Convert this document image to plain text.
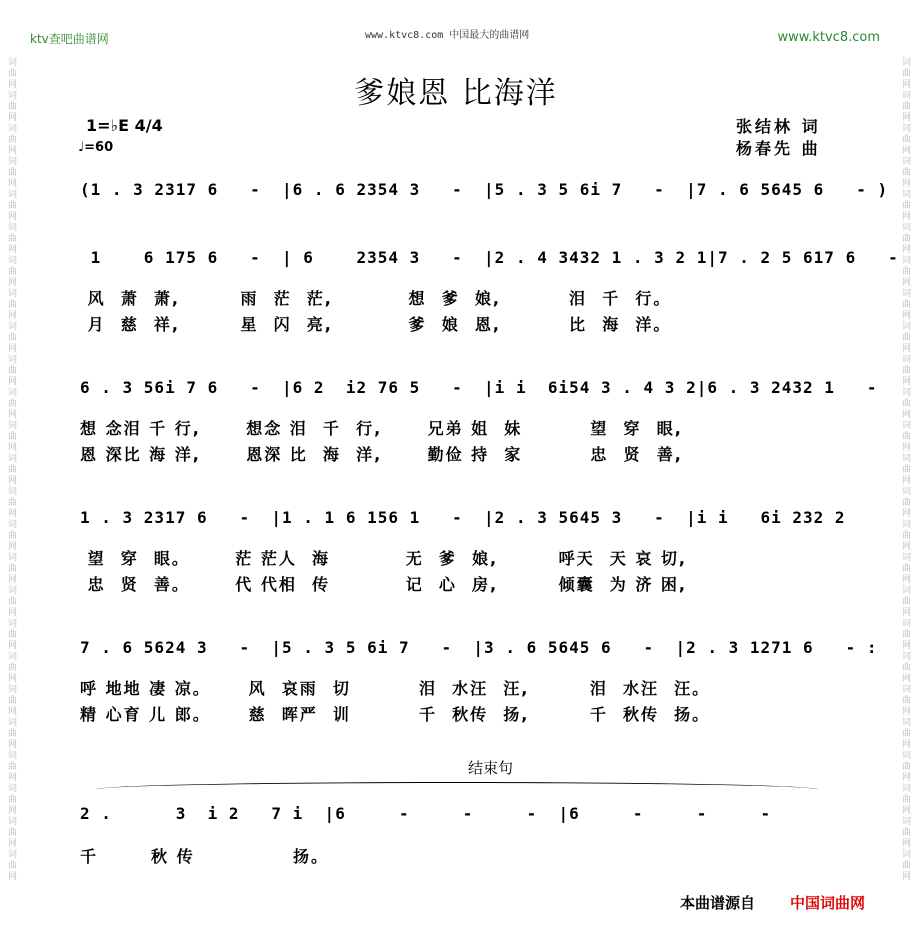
词曲网词曲网词曲网词曲网词曲网词曲网词曲网词曲网词曲网词曲网词曲网词曲网词曲网词曲网词曲网词曲网词曲网词曲网词曲网词曲网词曲网词曲网词曲网词曲网词曲网	词曲网词曲网词曲网词曲网词曲网词曲网词曲网词曲网词曲网词曲网词曲网词曲网词曲网词曲网词曲网词曲网词曲网词曲网词曲网词曲网词曲网词曲网词曲网词曲网词曲网
ktv查吧曲谱网	www.ktvc8.com 中国最大的曲谱网	www.ktvc8.com
爹娘恩 比海洋
1=♭E 4/4
♩=60
张结林 词
杨春先 曲
(1 . 3 2317 6   -  |6 . 6 2354 3   -  |5 . 3 5 6i 7   -  |7 . 6 5645 6   - )
1    6 175 6   -  | 6    2354 3   -  |2 . 4 3432 1 . 3 2 1|7 . 2 5 617 6   -
风  萧  萧,        雨  茫  茫,          想  爹  娘,         泪  千  行。
月  慈  祥,        星  闪  亮,          爹  娘  恩,         比  海  洋。
6 . 3 56i 7 6   -  |6 2  i2 76 5   -  |i i  6i54 3 . 4 3 2|6 . 3 2432 1   -
想 念泪 千 行,      想念 泪  千  行,      兄弟 姐  妹         望  穿  眼,
恩 深比 海 洋,      恩深 比  海  洋,      勤俭 持  家         忠  贤  善,
1 . 3 2317 6   -  |1 . 1 6 156 1   -  |2 . 3 5645 3   -  |i i   6i 232 2
望  穿  眼。      茫 茫人  海          无  爹  娘,        呼天  天 哀 切,
忠  贤  善。      代 代相  传          记  心  房,        倾囊  为 济 困,
7 . 6 5624 3   -  |5 . 3 5 6i 7   -  |3 . 6 5645 6   -  |2 . 3 1271 6   - :
呼 地地 凄 凉。     风  哀雨  切         泪  水汪  汪,        泪  水汪  汪。
精 心育 儿 郎。     慈  晖严  训         千  秋传  扬,        千  秋传  扬。
结束句
2 .      3  i 2   7 i  |6     -     -     -  |6     -     -     -
千       秋 传             扬。
本曲谱源自 中国词曲网
